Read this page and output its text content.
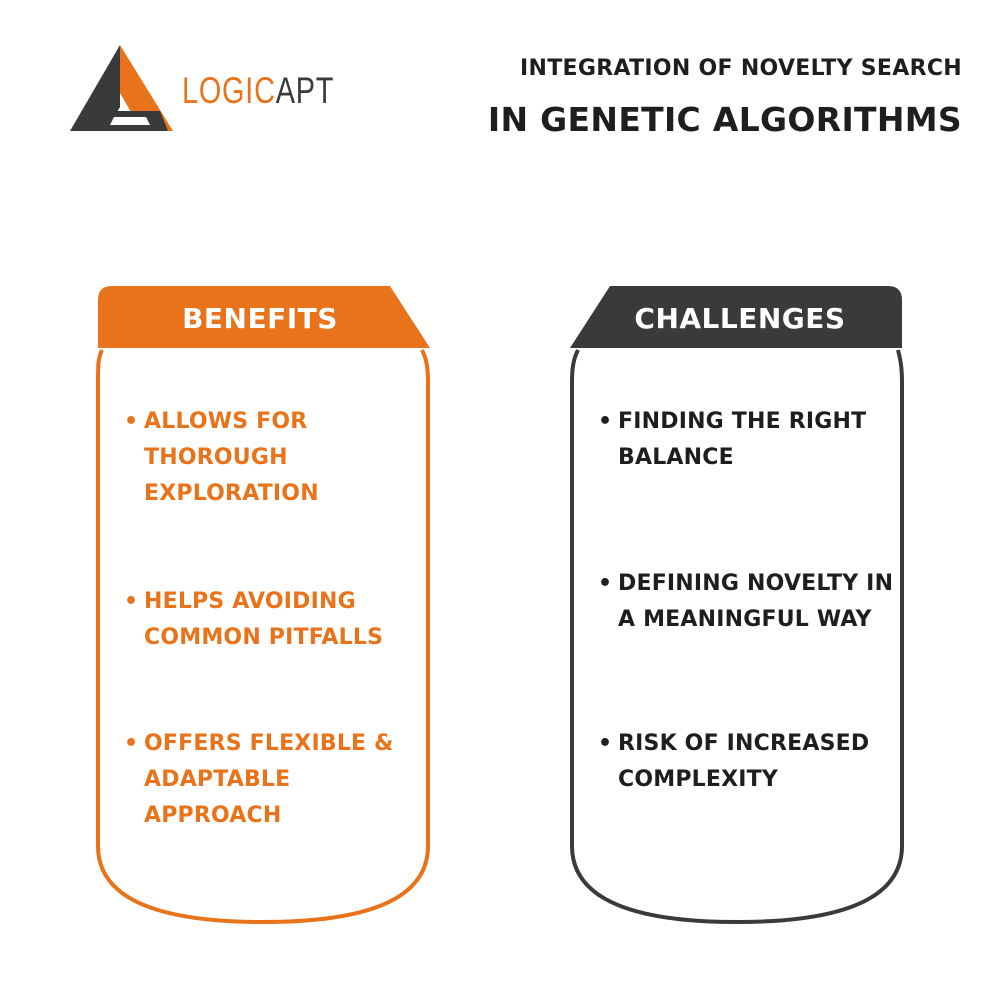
LOGICAPT
INTEGRATION OF NOVELTY SEARCH
IN GENETIC ALGORITHMS
BENEFITS
• ALLOWS FOR THOROUGH EXPLORATION
• HELPS AVOIDING COMMON PITFALLS
• OFFERS FLEXIBLE & ADAPTABLE APPROACH
CHALLENGES
• FINDING THE RIGHT BALANCE
• DEFINING NOVELTY IN A MEANINGFUL WAY
• RISK OF INCREASED COMPLEXITY
